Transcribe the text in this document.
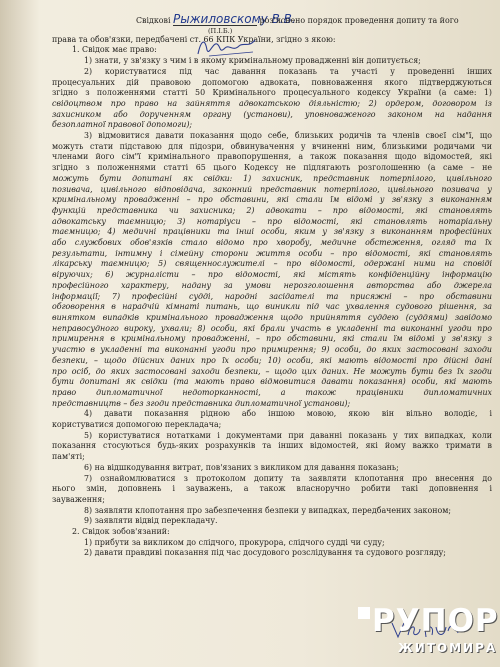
Свідкові Рыжиловскому В.В. роз'яснено порядок проведення допиту та його
(П.І.Б.)
права та обов'язки, передбачені ст. 66 КПК України, згідно з якою:
1. Свідок має право:
1) знати, у зв'язку з чим і в якому кримінальному провадженні він допитується;
2) користуватися під час давання показань та участі у проведенні інших
процесуальних дій правовою допомогою адвоката, повноваження якого підтверджуються
згідно з положеннями статті 50 Кримінального процесуального кодексу України (а саме: 1)
свідоцтвом про право на зайняття адвокатською діяльністю; 2) ордером, договором із
захисником або дорученням органу (установи), уповноваженого законом на надання
безоплатної правової допомоги);
3) відмовитися давати показання щодо себе, близьких родичів та членів своєї сім"ї, що
можуть стати підставою для підозри, обвинувачення у вчиненні ним, близькими родичами чи
членами його сім"ї кримінального правопорушення, а також показання щодо відомостей, які
згідно з положеннями статті 65 цього Кодексу не підлягають розголошенню (а саме – не
можуть бути допитані як свідки: 1) захисник, представник потерпілого, цивільного
позивача, цивільного відповідача, законний представник потерпілого, цивільного позивача у
кримінальному провадженні – про обставини, які стали їм відомі у зв'язку з виконанням
функцій представника чи захисника; 2) адвокати – про відомості, які становлять
адвокатську таємницю; 3) нотаріуси – про відомості, які становлять нотаріальну
таємницю; 4) медичні працівники та інші особи, яким у зв'язку з виконанням професійних
або службових обов'язків стало відомо про хворобу, медичне обстеження, огляд та їх
результати, інтимну і сімейну сторони життя особи – про відомості, які становлять
лікарську таємницю; 5) священнослужителі – про відомості, одержані ними на сповіді
віруючих; 6) журналісти – про відомості, які містять конфіденційну інформацію
професійного характеру, надану за умови нерозголошення авторства або джерела
інформації; 7) професійні судді, народні засідателі та присяжні – про обставини
обговорення в нарадчій кімнаті питань, що виникли під час ухвалення судового рішення, за
винятком випадків кримінального провадження щодо прийняття суддею (суддями) завідомо
неправосудного вироку, ухвали; 8) особи, які брали участь в укладенні та виконанні угоди про
примирення в кримінальному провадженні, – про обставини, які стали їм відомі у зв'язку з
участю в укладенні та виконанні угоди про примирення; 9) особи, до яких застосовані заходи
безпеки, – щодо дійсних даних про їх особи; 10) особи, які мають відомості про дійсні дані
про осіб, до яких застосовані заходи безпеки, – щодо цих даних. Не можуть бути без їх згоди
бути допитані як свідки (та мають право відмовитися давати показання) особи, які мають
право дипломатичної недоторканності, а також працівники дипломатичних
представництв – без згоди представника дипломатичної установи);
4) давати показання рідною або іншою мовою, якою він вільно володіє, і
користуватися допомогою перекладача;
5) користуватися нотатками і документами при даванні показань у тих випадках, коли
показання стосуються будь-яких розрахунків та інших відомостей, які йому важко тримати в
пам'яті;
6) на відшкодування витрат, пов'язаних з викликом для давання показань;
7) ознайомлюватися з протоколом допиту та заявляти клопотання про внесення до
нього змін, доповнень і зауважень, а також власноручно робити такі доповнення і
зауваження;
8) заявляти клопотання про забезпечення безпеки у випадках, передбачених законом;
9) заявляти відвід перекладачу.
2. Свідок зобов'язаний:
1) прибути за викликом до слідчого, прокурора, слідчого судді чи суду;
2) давати правдиві показання під час досудового розслідування та судового розгляду;
РУПОР
ЖИТОМИРА
